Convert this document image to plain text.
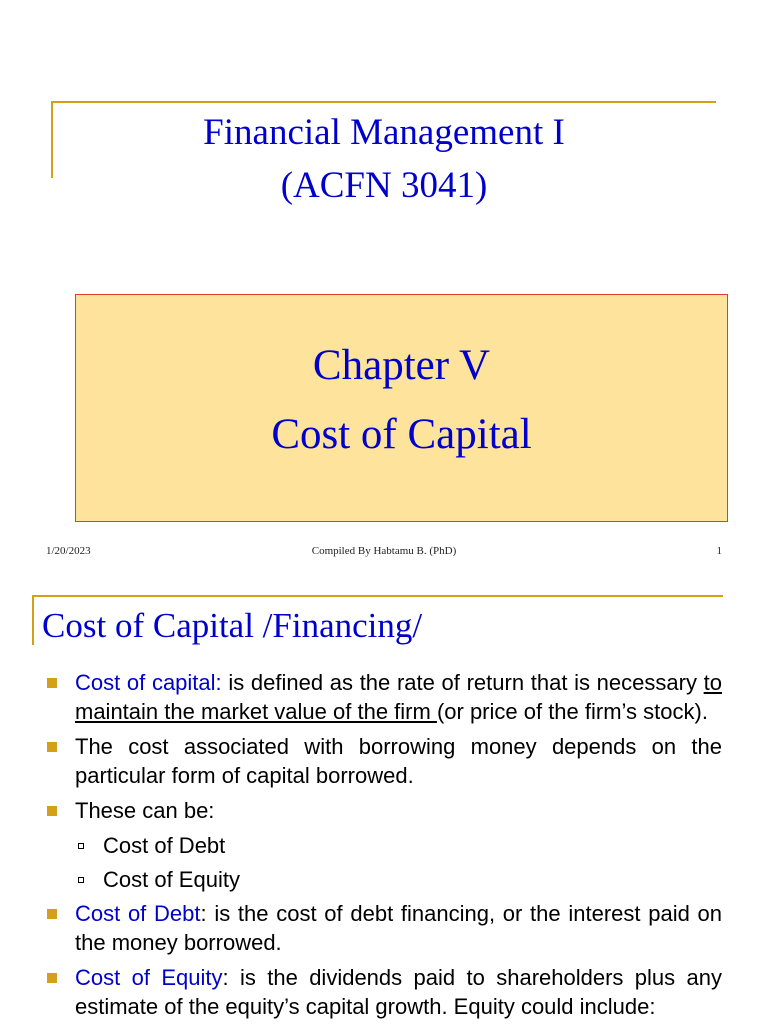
Financial Management I
(ACFN 3041)
Chapter V
Cost of Capital
1/20/2023	Compiled By Habtamu B. (PhD)	1
Cost of Capital /Financing/
Cost of capital: is defined as the rate of return that is necessary to maintain the market value of the firm (or price of the firm’s stock).
The cost associated with borrowing money depends on the particular form of capital borrowed.
These can be:
Cost of Debt
Cost of Equity
Cost of Debt: is the cost of debt financing, or the interest paid on the money borrowed.
Cost of Equity: is the dividends paid to shareholders plus any estimate of the equity’s capital growth. Equity could include:
